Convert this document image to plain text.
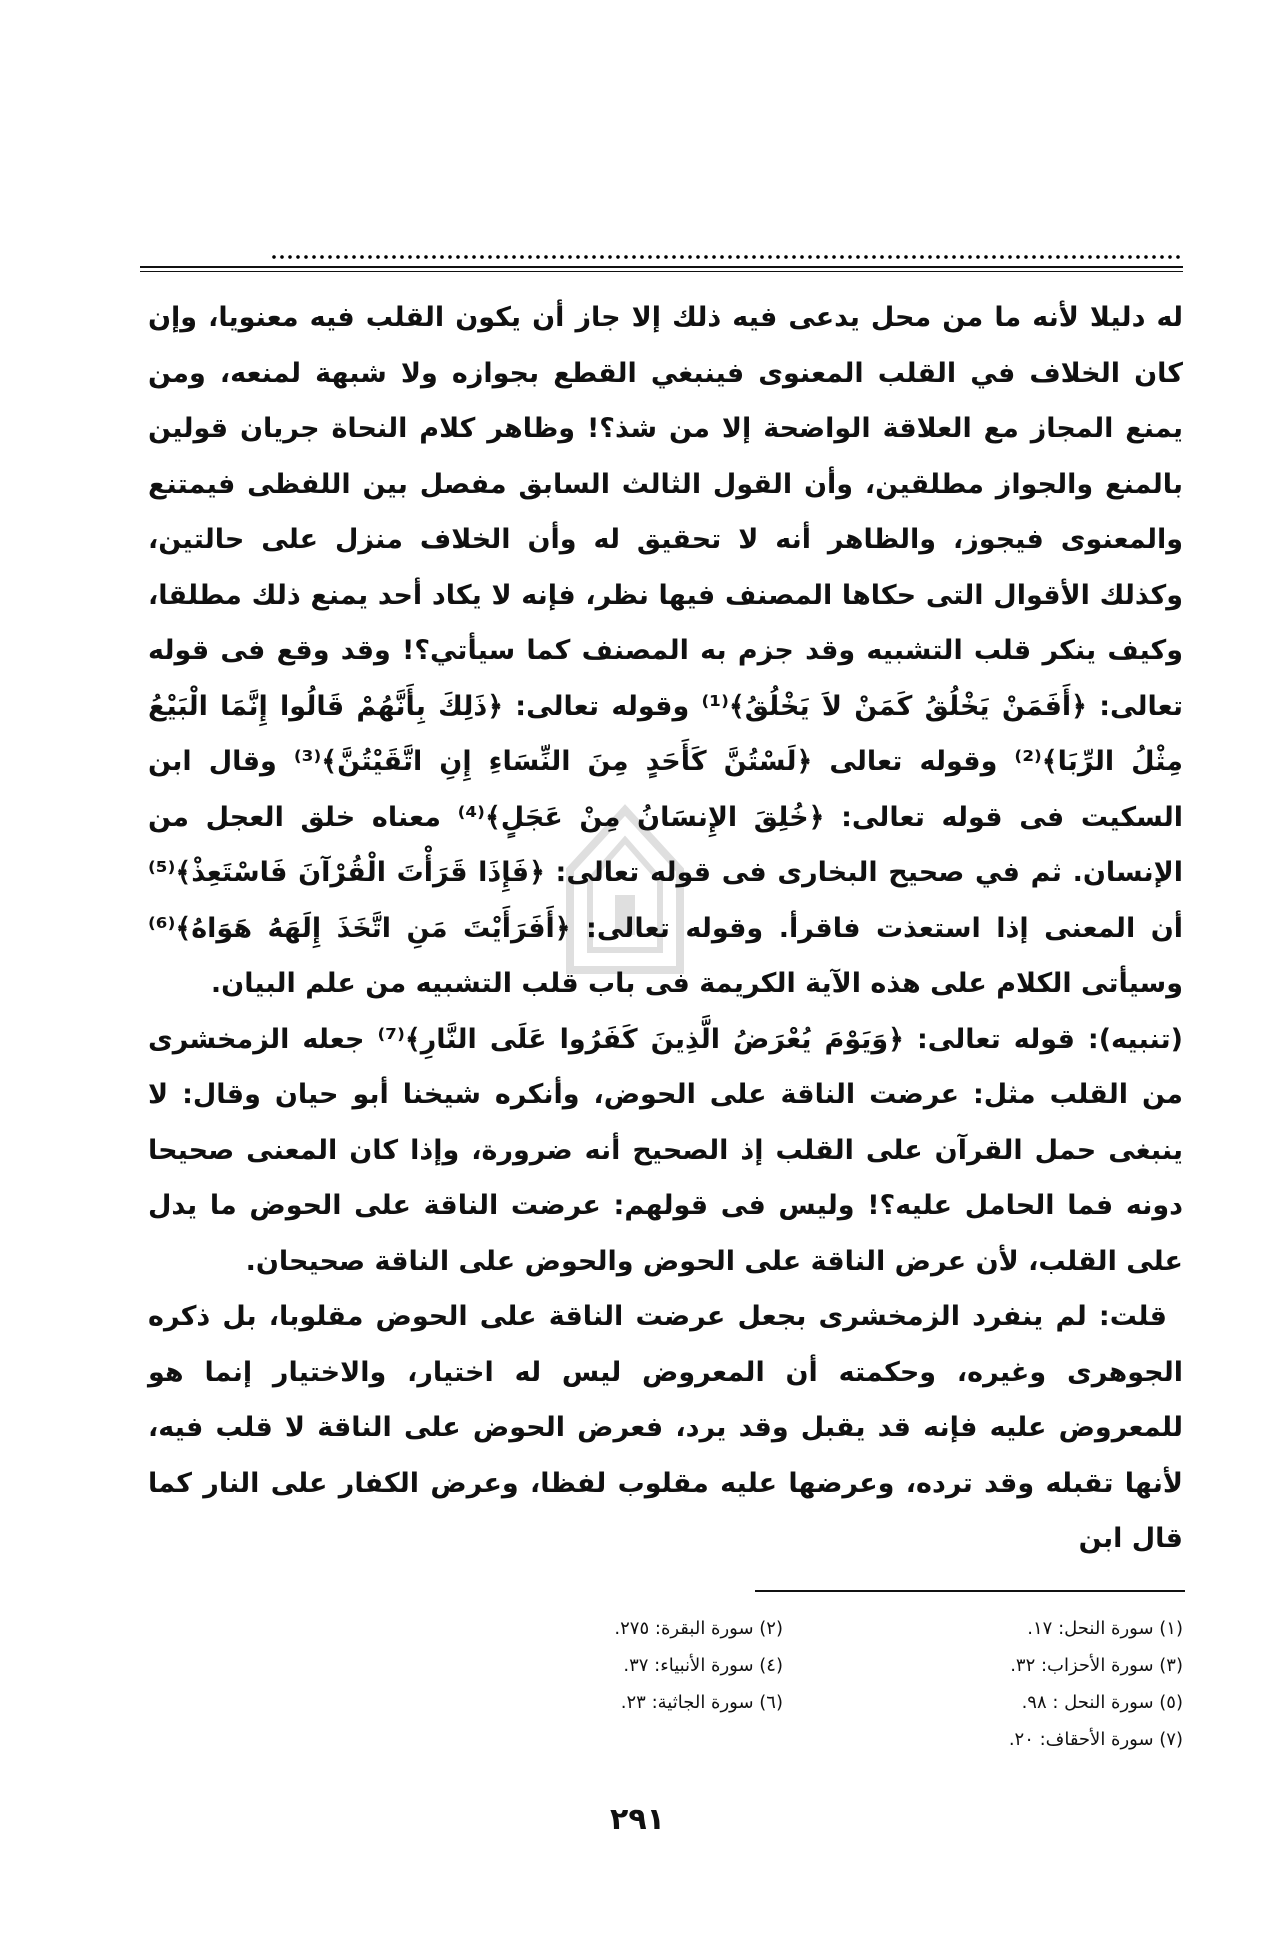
له دليلا لأنه ما من محل يدعى فيه ذلك إلا جاز أن يكون القلب فيه معنويا، وإن كان الخلاف في القلب المعنوى فينبغي القطع بجوازه ولا شبهة لمنعه، ومن يمنع المجاز مع العلاقة الواضحة إلا من شذ؟! وظاهر كلام النحاة جريان قولين بالمنع والجواز مطلقين، وأن القول الثالث السابق مفصل بين اللفظى فيمتنع والمعنوى فيجوز، والظاهر أنه لا تحقيق له وأن الخلاف منزل على حالتين، وكذلك الأقوال التى حكاها المصنف فيها نظر، فإنه لا يكاد أحد يمنع ذلك مطلقا، وكيف ينكر قلب التشبيه وقد جزم به المصنف كما سيأتي؟! وقد وقع فى قوله تعالى: ﴿أَفَمَنْ يَخْلُقُ كَمَنْ لاَ يَخْلُقُ﴾⁽¹⁾ وقوله تعالى: ﴿ذَلِكَ بِأَنَّهُمْ قَالُوا إِنَّمَا الْبَيْعُ مِثْلُ الرِّبَا﴾⁽²⁾ وقوله تعالى ﴿لَسْتُنَّ كَأَحَدٍ مِنَ النِّسَاءِ إِنِ اتَّقَيْتُنَّ﴾⁽³⁾ وقال ابن السكيت فى قوله تعالى: ﴿خُلِقَ الإِنسَانُ مِنْ عَجَلٍ﴾⁽⁴⁾ معناه خلق العجل من الإنسان. ثم في صحيح البخارى فى قوله تعالى: ﴿فَإِذَا قَرَأْتَ الْقُرْآنَ فَاسْتَعِذْ﴾⁽⁵⁾ أن المعنى إذا استعذت فاقرأ. وقوله تعالى: ﴿أَفَرَأَيْتَ مَنِ اتَّخَذَ إِلَهَهُ هَوَاهُ﴾⁽⁶⁾ وسيأتى الكلام على هذه الآية الكريمة فى باب قلب التشبيه من علم البيان.

(تنبيه): قوله تعالى: ﴿وَيَوْمَ يُعْرَضُ الَّذِينَ كَفَرُوا عَلَى النَّارِ﴾⁽⁷⁾ جعله الزمخشرى من القلب مثل: عرضت الناقة على الحوض، وأنكره شيخنا أبو حيان وقال: لا ينبغى حمل القرآن على القلب إذ الصحيح أنه ضرورة، وإذا كان المعنى صحيحا دونه فما الحامل عليه؟! وليس فى قولهم: عرضت الناقة على الحوض ما يدل على القلب، لأن عرض الناقة على الحوض والحوض على الناقة صحيحان.

قلت: لم ينفرد الزمخشرى بجعل عرضت الناقة على الحوض مقلوبا، بل ذكره الجوهرى وغيره، وحكمته أن المعروض ليس له اختيار، والاختيار إنما هو للمعروض عليه فإنه قد يقبل وقد يرد، فعرض الحوض على الناقة لا قلب فيه، لأنها تقبله وقد ترده، وعرضها عليه مقلوب لفظا، وعرض الكفار على النار كما قال ابن

(١) سورة النحل: ١٧.
(٢) سورة البقرة: ٢٧٥.
(٣) سورة الأحزاب: ٣٢.
(٤) سورة الأنبياء: ٣٧.
(٥) سورة النحل : ٩٨.
(٦) سورة الجاثية: ٢٣.
(٧) سورة الأحقاف: ٢٠.
٢٩١
